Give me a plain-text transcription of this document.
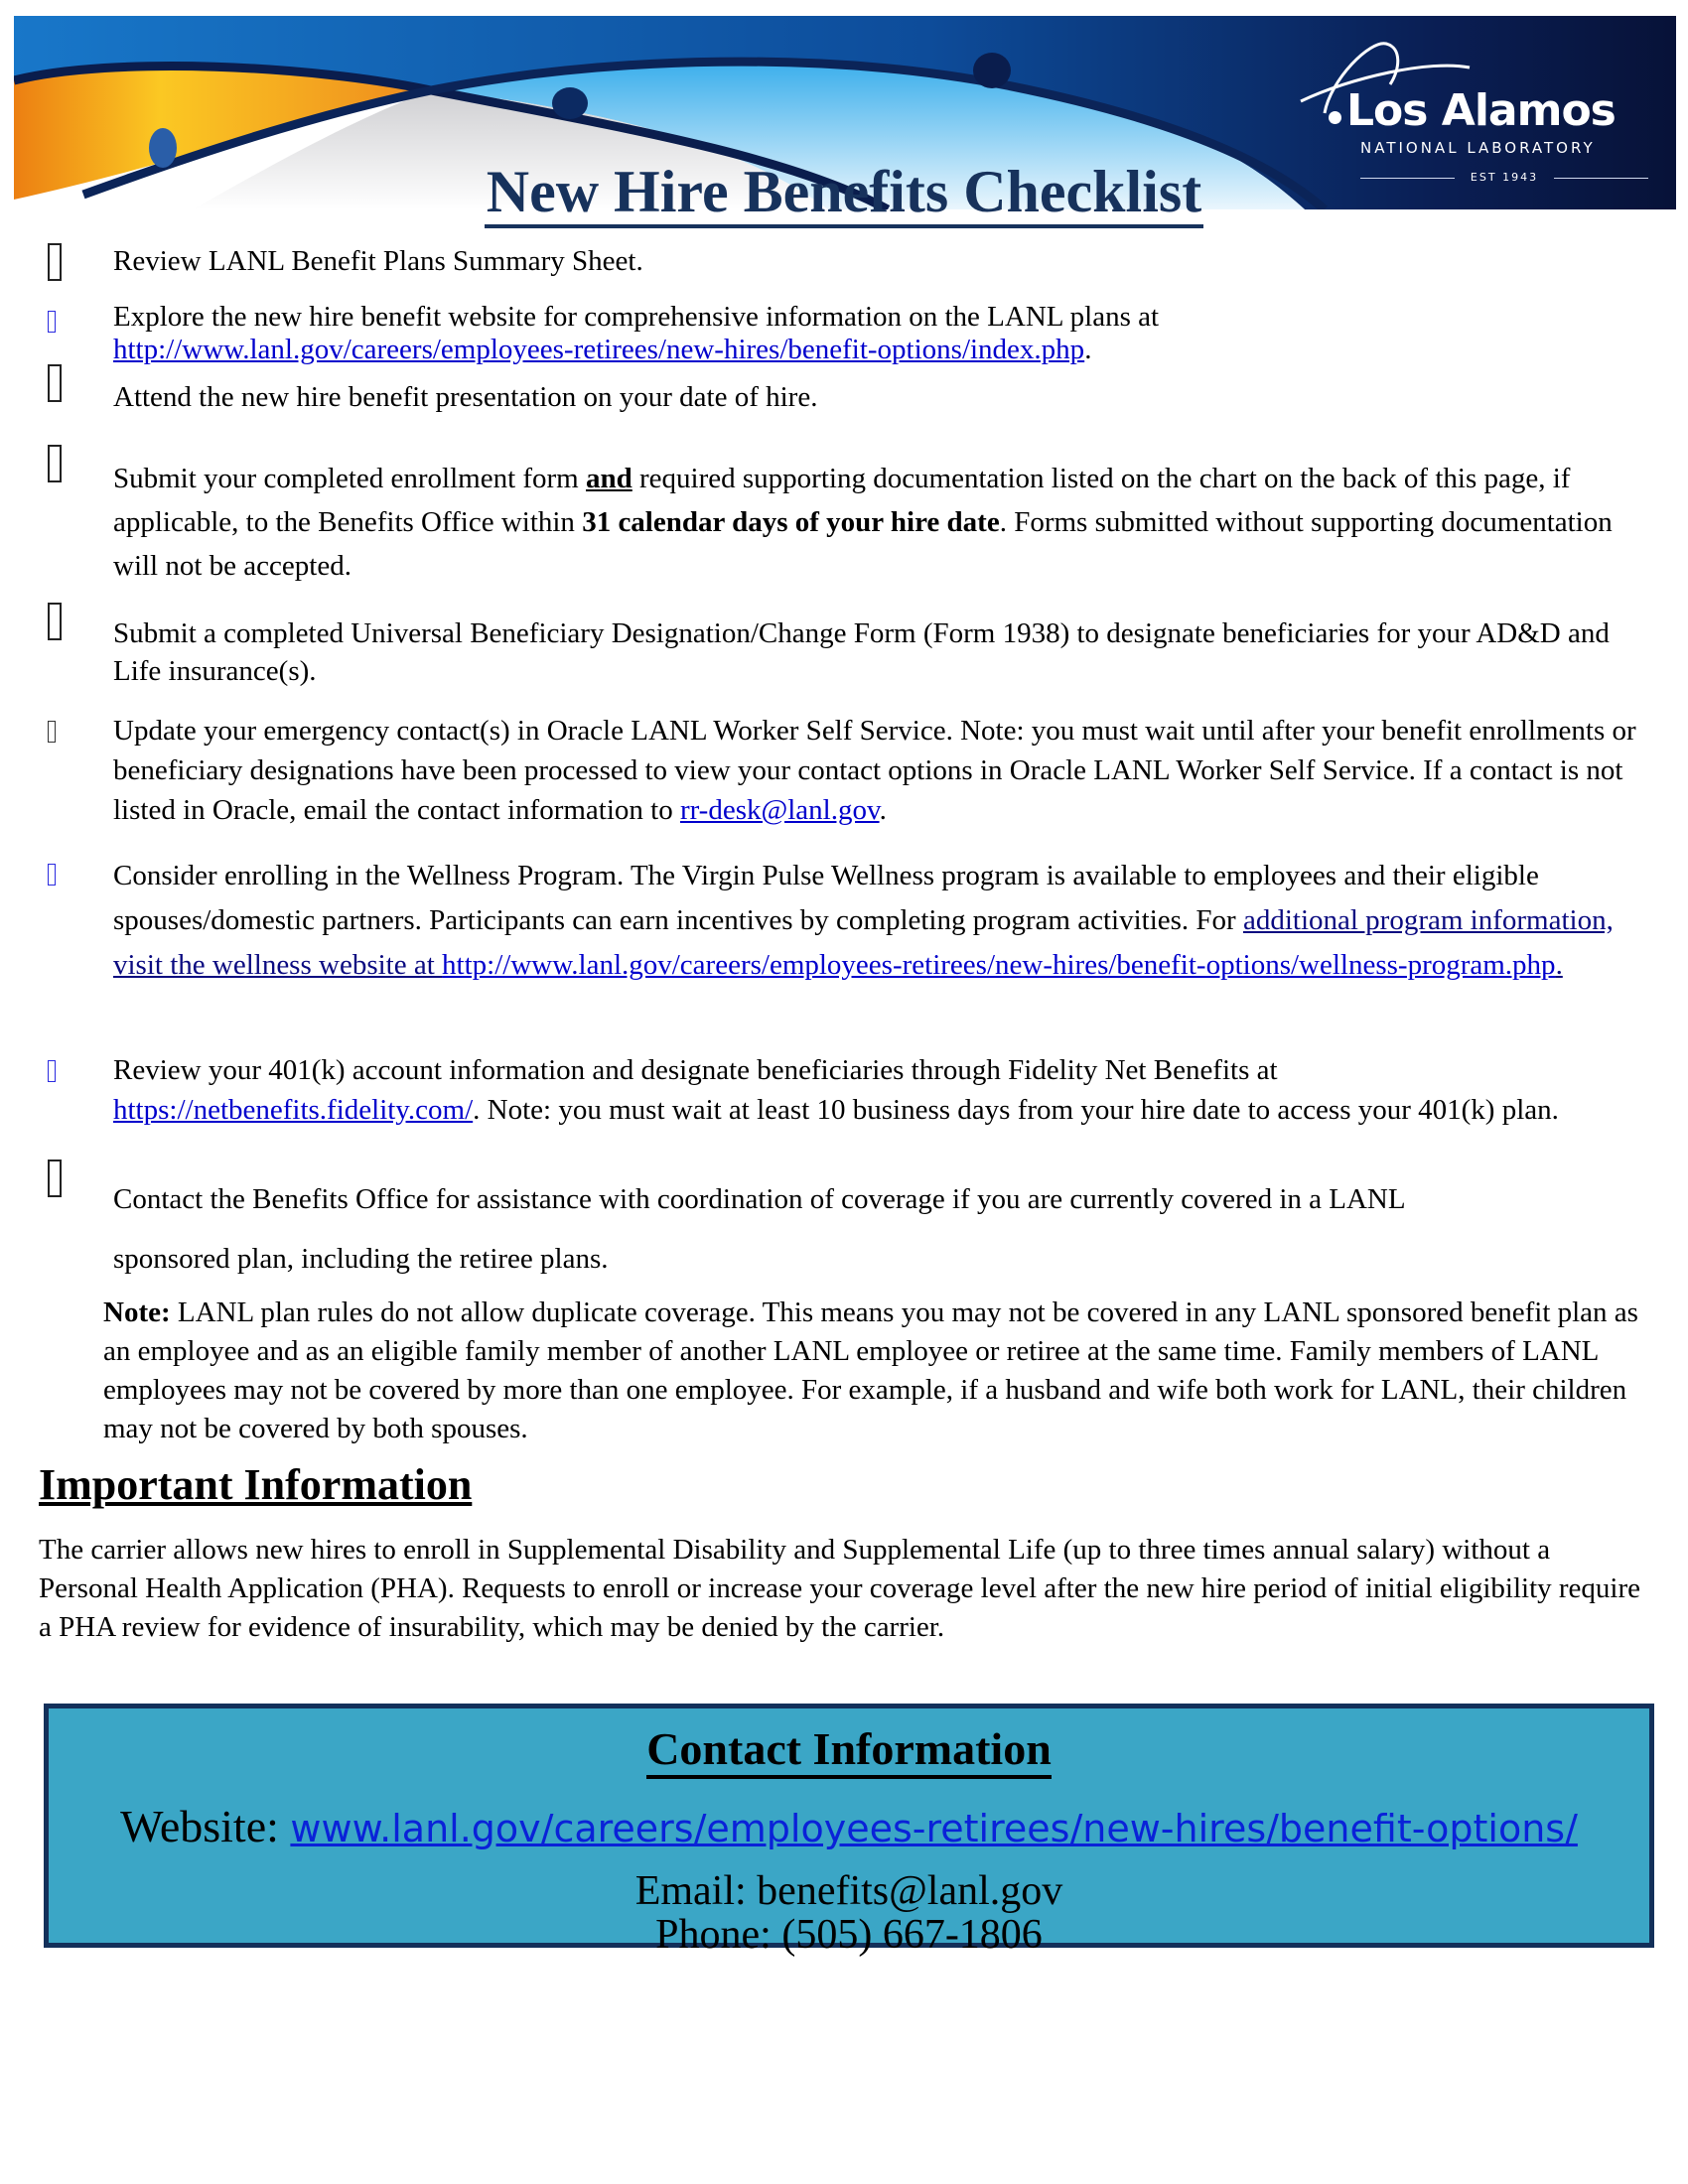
Los Alamos
NATIONAL LABORATORY
EST 1943
New Hire Benefits Checklist
Review LANL Benefit Plans Summary Sheet.
Explore the new hire benefit website for comprehensive information on the LANL plans at
http://www.lanl.gov/careers/employees-retirees/new-hires/benefit-options/index.php.
Attend the new hire benefit presentation on your date of hire.
Submit your completed enrollment form and required supporting documentation listed on the chart on the back of this page, if applicable, to the Benefits Office within 31 calendar days of your hire date. Forms submitted without supporting documentation will not be accepted.
Submit a completed Universal Beneficiary Designation/Change Form (Form 1938) to designate beneficiaries for your AD&D and Life insurance(s).
Update your emergency contact(s) in Oracle LANL Worker Self Service. Note: you must wait until after your benefit enrollments or beneficiary designations have been processed to view your contact options in Oracle LANL Worker Self Service. If a contact is not listed in Oracle, email the contact information to rr-desk@lanl.gov.
Consider enrolling in the Wellness Program. The Virgin Pulse Wellness program is available to employees and their eligible spouses/domestic partners. Participants can earn incentives by completing program activities. For additional program information, visit the wellness website at http://www.lanl.gov/careers/employees-retirees/new-hires/benefit-options/wellness-program.php.
Review your 401(k) account information and designate beneficiaries through Fidelity Net Benefits at https://netbenefits.fidelity.com/. Note: you must wait at least 10 business days from your hire date to access your 401(k) plan.
Contact the Benefits Office for assistance with coordination of coverage if you are currently covered in a LANL
sponsored plan, including the retiree plans.
Note: LANL plan rules do not allow duplicate coverage. This means you may not be covered in any LANL sponsored benefit plan as an employee and as an eligible family member of another LANL employee or retiree at the same time. Family members of LANL employees may not be covered by more than one employee. For example, if a husband and wife both work for LANL, their children may not be covered by both spouses.
Important Information
The carrier allows new hires to enroll in Supplemental Disability and Supplemental Life (up to three times annual salary) without a Personal Health Application (PHA). Requests to enroll or increase your coverage level after the new hire period of initial eligibility require a PHA review for evidence of insurability, which may be denied by the carrier.
Contact Information
Website: www.lanl.gov/careers/employees-retirees/new-hires/benefit-options/
Email: benefits@lanl.gov
Phone: (505) 667-1806
